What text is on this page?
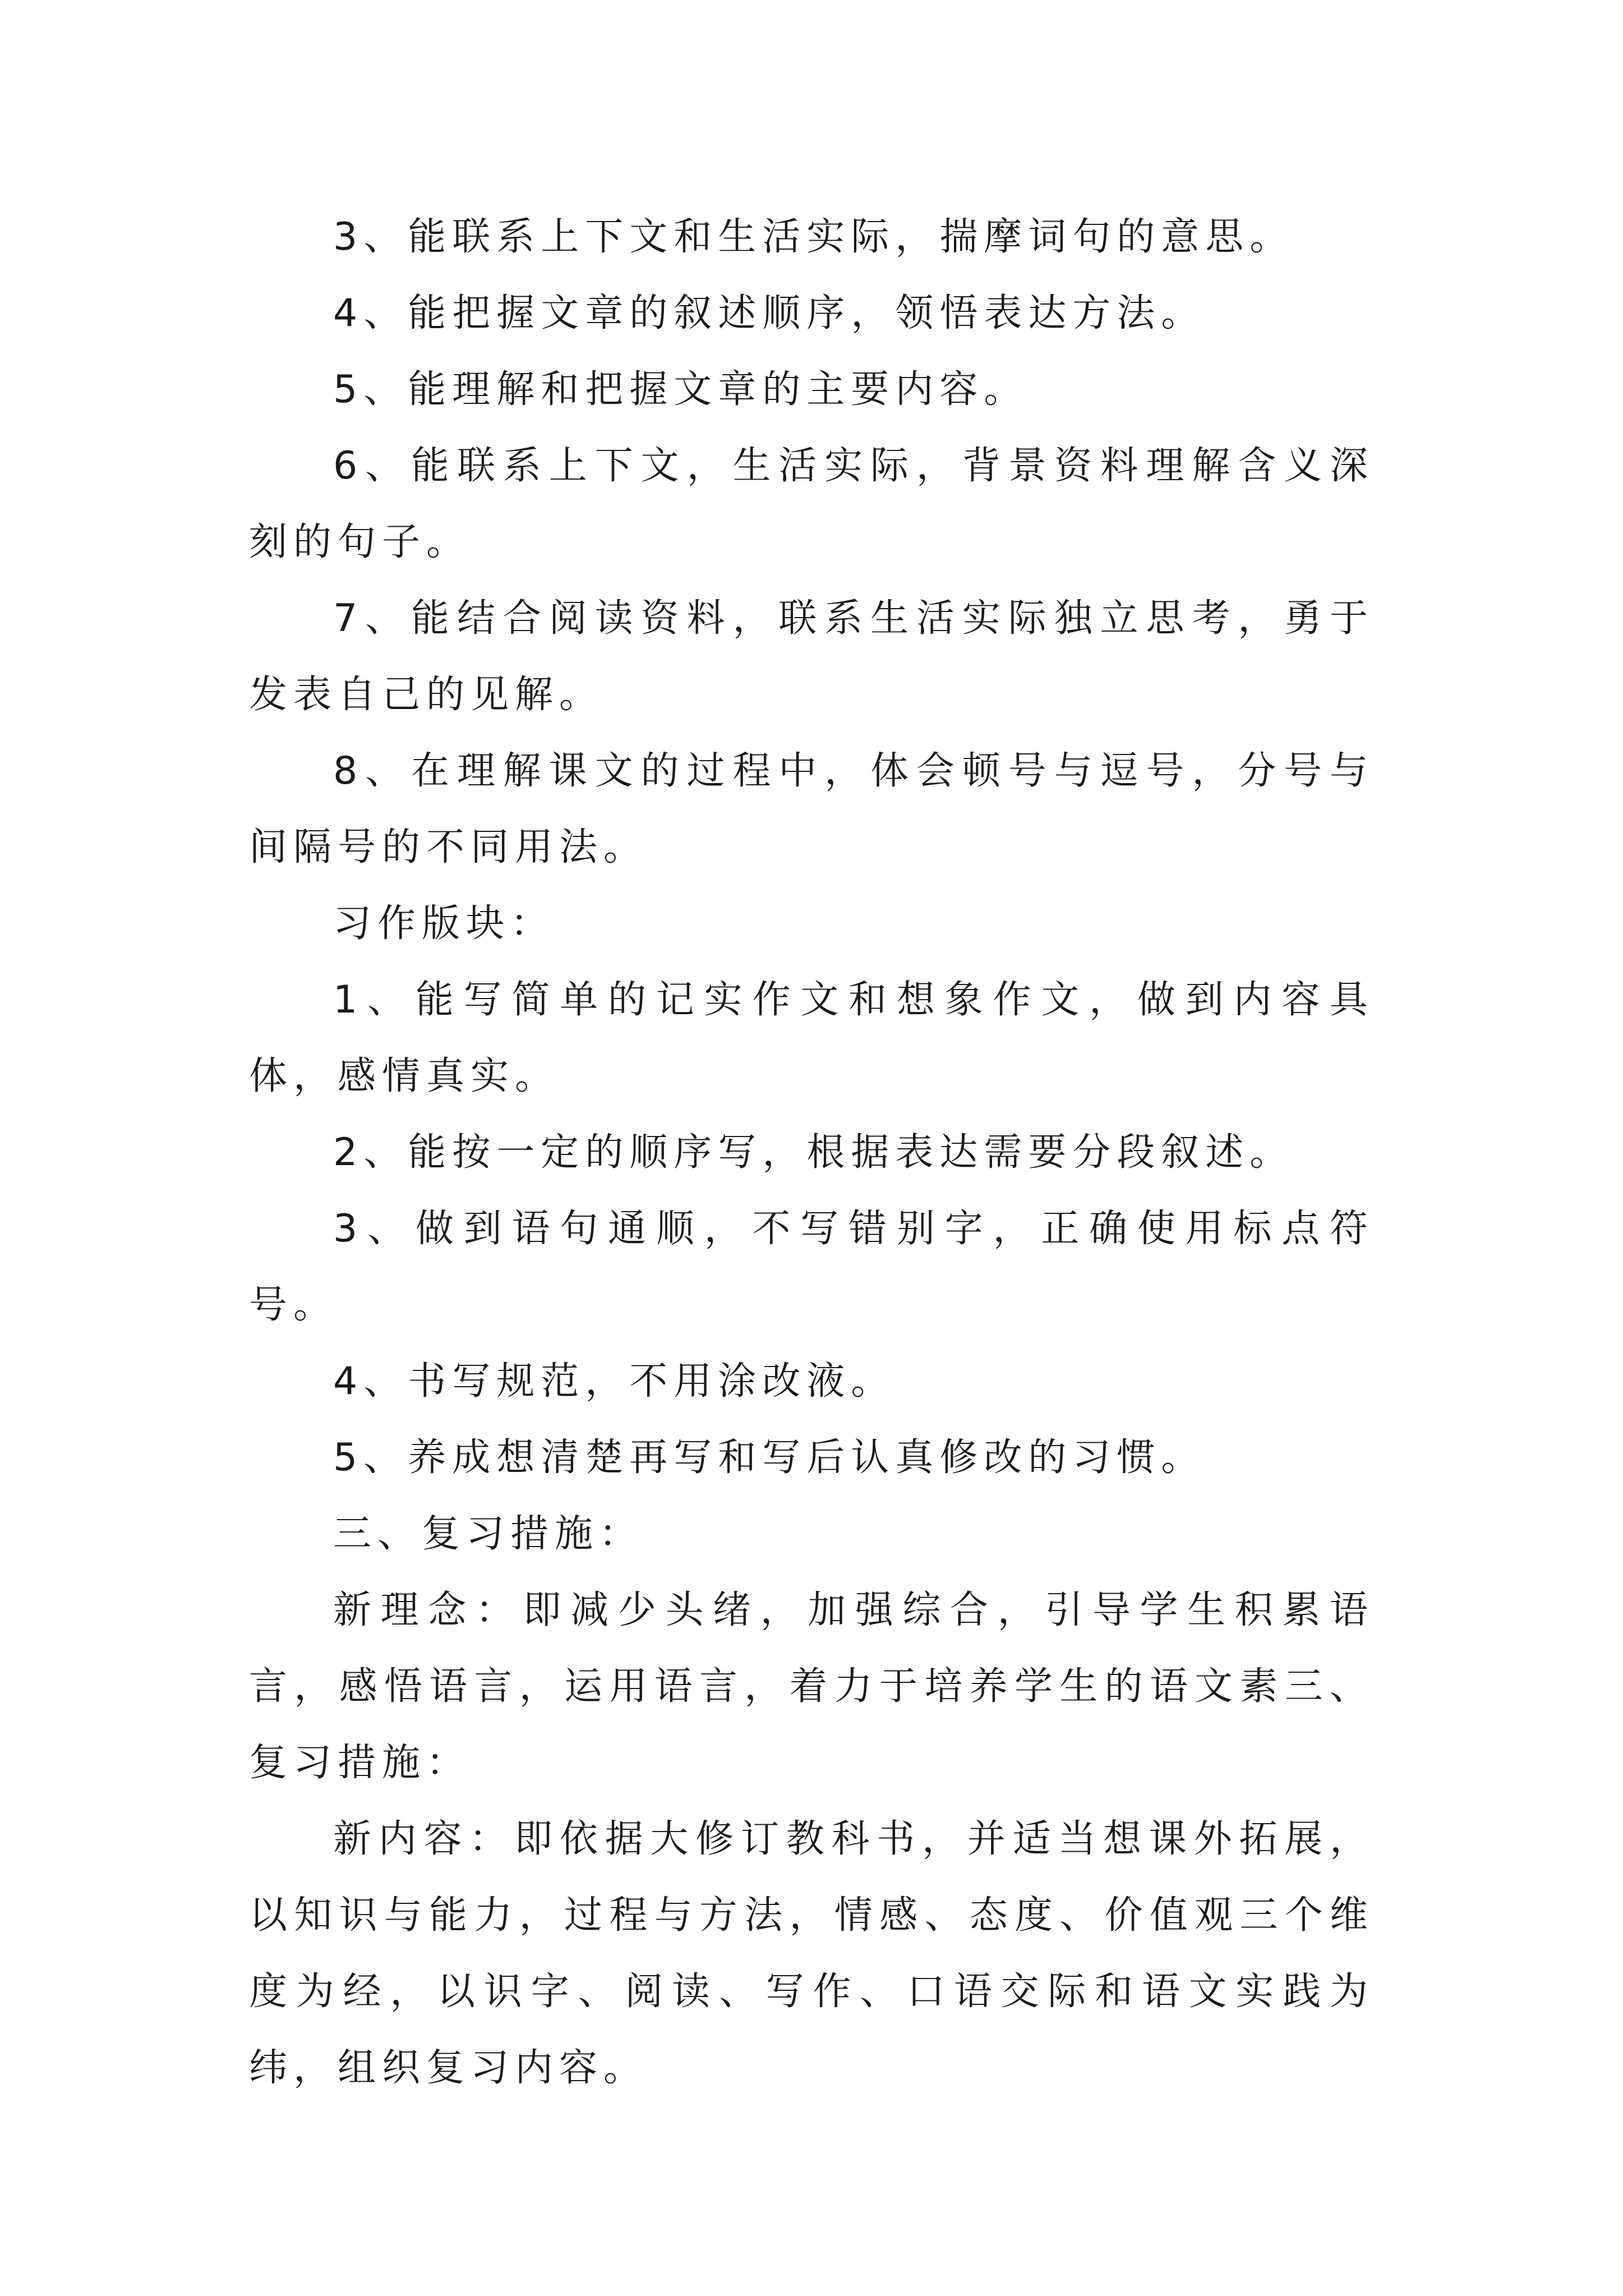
3、能联系上下文和生活实际，揣摩词句的意思。

4、能把握文章的叙述顺序，领悟表达方法。

5、能理解和把握文章的主要内容。

6、能联系上下文，生活实际，背景资料理解含义深刻的句子。

7、能结合阅读资料，联系生活实际独立思考，勇于发表自己的见解。

8、在理解课文的过程中，体会顿号与逗号，分号与间隔号的不同用法。

习作版块：

1、能写简单的记实作文和想象作文，做到内容具体，感情真实。

2、能按一定的顺序写，根据表达需要分段叙述。

3、做到语句通顺，不写错别字，正确使用标点符号。

4、书写规范，不用涂改液。

5、养成想清楚再写和写后认真修改的习惯。

三、复习措施：

新理念：即减少头绪，加强综合，引导学生积累语言，感悟语言，运用语言，着力于培养学生的语文素三、复习措施：

新内容：即依据大修订教科书，并适当想课外拓展，以知识与能力，过程与方法，情感、态度、价值观三个维度为经，以识字、阅读、写作、口语交际和语文实践为纬，组织复习内容。
